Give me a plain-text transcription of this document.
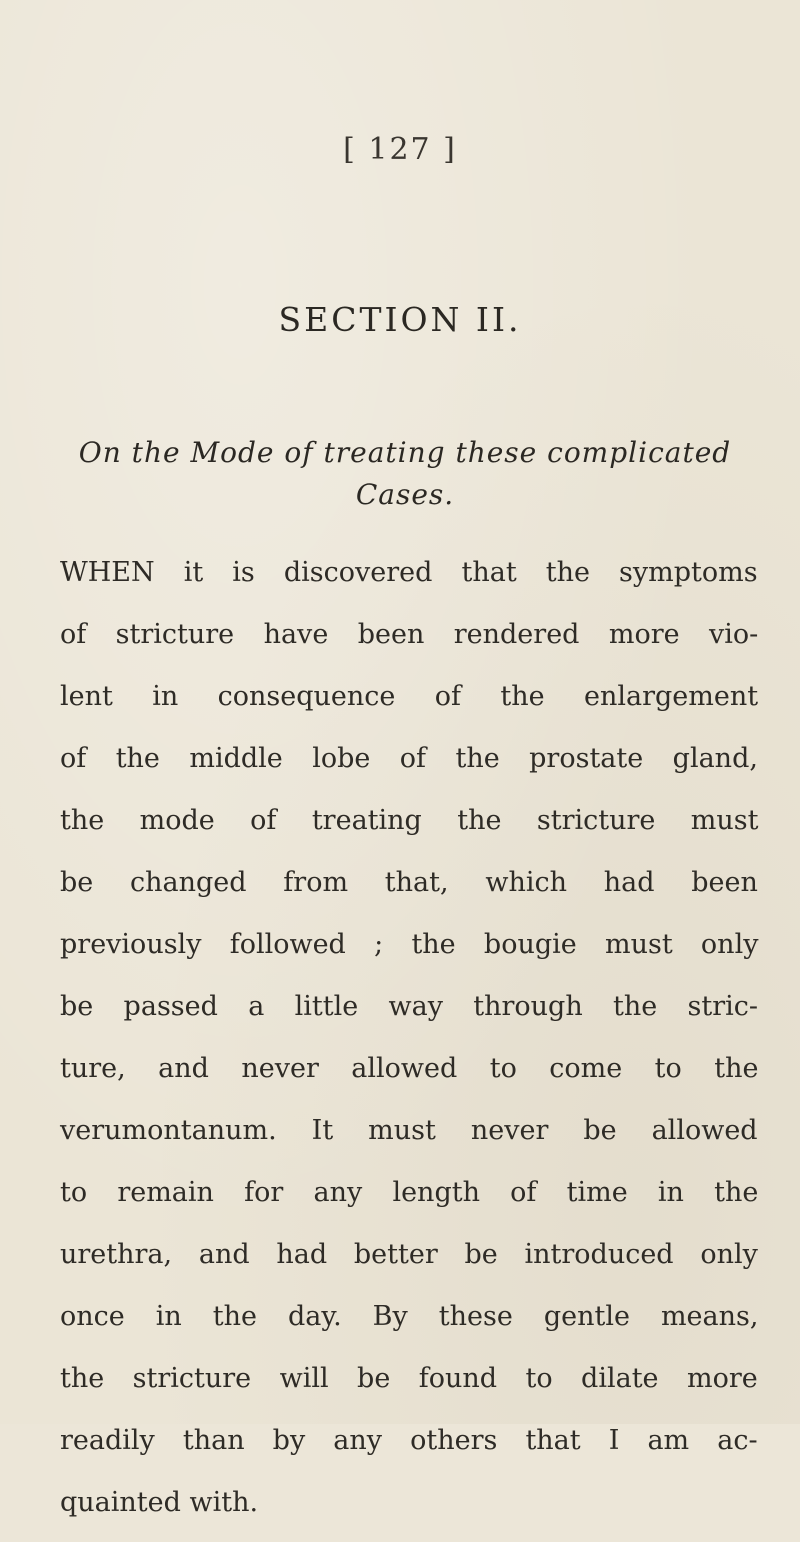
[ 127 ]
SECTION II.
On the Mode of treating these complicated
Cases.
WHEN it is discovered that the symptoms
of stricture have been rendered more vio-
lent in consequence of the enlargement
of the middle lobe of the prostate gland,
the mode of treating the stricture must
be changed from that, which had been
previously followed ; the bougie must only
be passed a little way through the stric-
ture, and never allowed to come to the
verumontanum. It must never be allowed
to remain for any length of time in the
urethra, and had better be introduced only
once in the day. By these gentle means,
the stricture will be found to dilate more
readily than by any others that I am ac-
quainted with.
